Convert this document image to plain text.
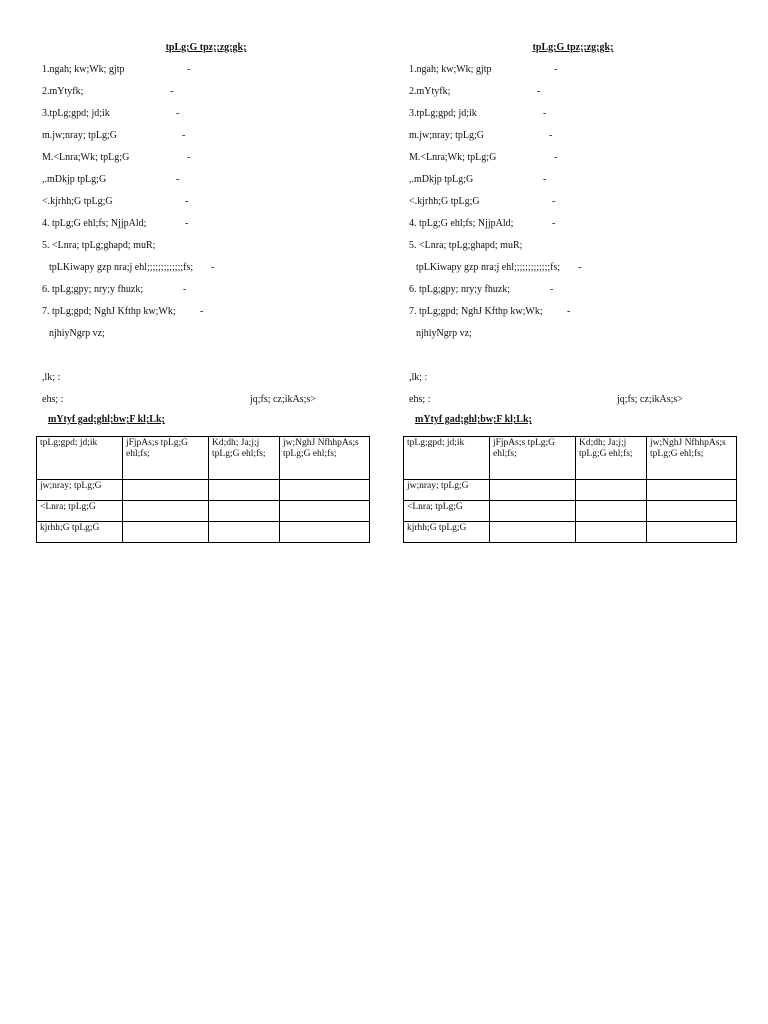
tpLg;G tpz;;zg;gk;
1.ngah; kw;Wk; gjtp	-
2.mYtyfk;	-
3.tpLg;gpd; jd;ik	-
m.jw;nray; tpLg;G	-
M.<Lnra;Wk; tpLg;G	-
,.mDkjp tpLg;G	-
<.kjrhh;G tpLg;G	-
4. tpLg;G ehl;fs; NjjpAld;	-
5. <Lnra; tpLg;ghapd; muR;
tpLKiwapy gzp nra;j ehl;;;;;;;;;;;;;fs; -
6. tpLg;gpy; nry;y fhuzk;	-
7. tpLg;gpd; NghJ Kfthp kw;Wk; -
njhiyNgrp vz;
,lk; :
ehs; :	jq;fs; cz;ikAs;s>
mYtyf gad;ghl;bw;F kl;Lk;
tpLg;gpd; jd;ik	jFjpAs;s tpLg;G ehl;fs;	Kd;dh; Ja;j;j tpLg;G ehl;fs;	jw;NghJ NfhhpAs;s tpLg;G ehl;fs;
jw;nray; tpLg;G			
<Lnra; tpLg;G			
kjrhh;G tpLg;G			
tpLg;G tpz;;zg;gk;
1.ngah; kw;Wk; gjtp	-
2.mYtyfk;	-
3.tpLg;gpd; jd;ik	-
m.jw;nray; tpLg;G	-
M.<Lnra;Wk; tpLg;G	-
,.mDkjp tpLg;G	-
<.kjrhh;G tpLg;G	-
4. tpLg;G ehl;fs; NjjpAld;	-
5. <Lnra; tpLg;ghapd; muR;
tpLKiwapy gzp nra;j ehl;;;;;;;;;;;;;fs; -
6. tpLg;gpy; nry;y fhuzk;	-
7. tpLg;gpd; NghJ Kfthp kw;Wk; -
njhiyNgrp vz;
,lk; :
ehs; :	jq;fs; cz;ikAs;s>
mYtyf gad;ghl;bw;F kl;Lk;
tpLg;gpd; jd;ik	jFjpAs;s tpLg;G ehl;fs;	Kd;dh; Ja;j;j tpLg;G ehl;fs;	jw;NghJ NfhhpAs;s tpLg;G ehl;fs;
jw;nray; tpLg;G			
<Lnra; tpLg;G			
kjrhh;G tpLg;G			
